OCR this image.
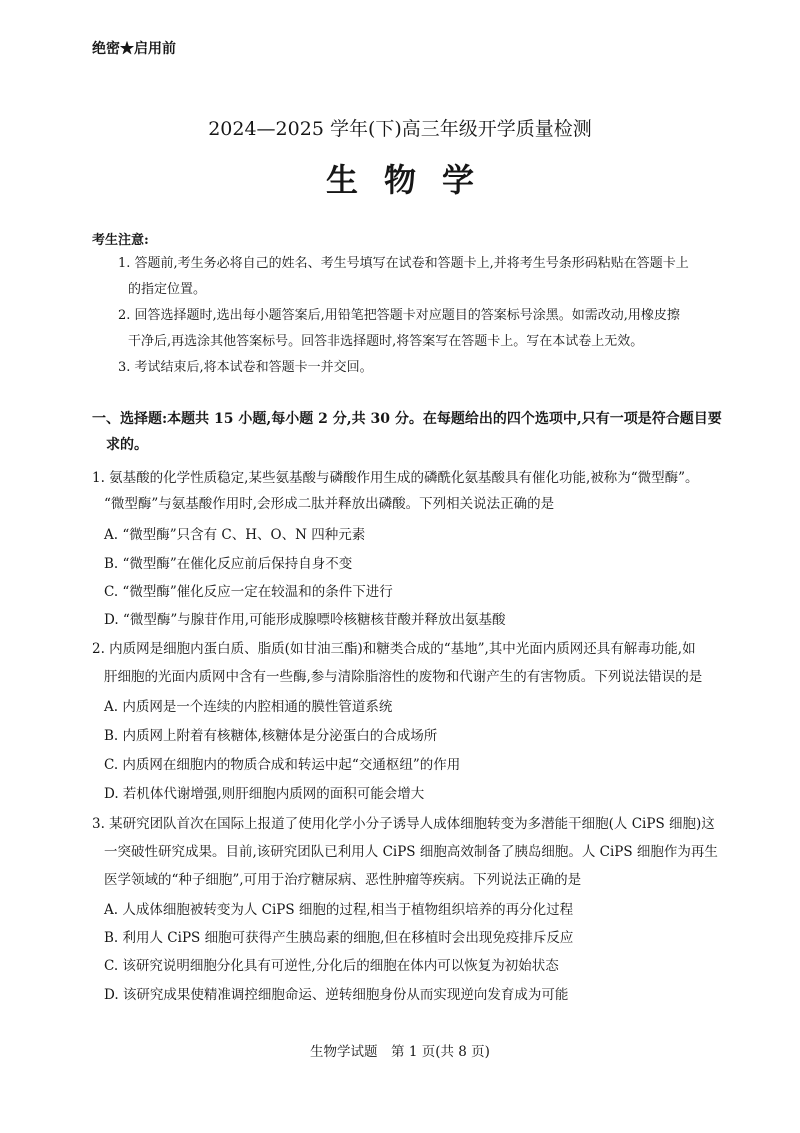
绝密★启用前
2024—2025 学年(下)高三年级开学质量检测
生物学
考生注意:
1. 答题前,考生务必将自己的姓名、考生号填写在试卷和答题卡上,并将考生号条形码粘贴在答题卡上
的指定位置。
2. 回答选择题时,选出每小题答案后,用铅笔把答题卡对应题目的答案标号涂黑。如需改动,用橡皮擦
干净后,再选涂其他答案标号。回答非选择题时,将答案写在答题卡上。写在本试卷上无效。
3. 考试结束后,将本试卷和答题卡一并交回。
一、选择题:本题共 15 小题,每小题 2 分,共 30 分。在每题给出的四个选项中,只有一项是符合题目要
求的。
1. 氨基酸的化学性质稳定,某些氨基酸与磷酸作用生成的磷酰化氨基酸具有催化功能,被称为“微型酶”。
“微型酶”与氨基酸作用时,会形成二肽并释放出磷酸。下列相关说法正确的是
A. “微型酶”只含有 C、H、O、N 四种元素
B. “微型酶”在催化反应前后保持自身不变
C. “微型酶”催化反应一定在较温和的条件下进行
D. “微型酶”与腺苷作用,可能形成腺嘌呤核糖核苷酸并释放出氨基酸
2. 内质网是细胞内蛋白质、脂质(如甘油三酯)和糖类合成的“基地”,其中光面内质网还具有解毒功能,如
肝细胞的光面内质网中含有一些酶,参与清除脂溶性的废物和代谢产生的有害物质。下列说法错误的是
A. 内质网是一个连续的内腔相通的膜性管道系统
B. 内质网上附着有核糖体,核糖体是分泌蛋白的合成场所
C. 内质网在细胞内的物质合成和转运中起“交通枢纽”的作用
D. 若机体代谢增强,则肝细胞内质网的面积可能会增大
3. 某研究团队首次在国际上报道了使用化学小分子诱导人成体细胞转变为多潜能干细胞(人 CiPS 细胞)这
一突破性研究成果。目前,该研究团队已利用人 CiPS 细胞高效制备了胰岛细胞。人 CiPS 细胞作为再生
医学领域的“种子细胞”,可用于治疗糖尿病、恶性肿瘤等疾病。下列说法正确的是
A. 人成体细胞被转变为人 CiPS 细胞的过程,相当于植物组织培养的再分化过程
B. 利用人 CiPS 细胞可获得产生胰岛素的细胞,但在移植时会出现免疫排斥反应
C. 该研究说明细胞分化具有可逆性,分化后的细胞在体内可以恢复为初始状态
D. 该研究成果使精准调控细胞命运、逆转细胞身份从而实现逆向发育成为可能
生物学试题　第 1 页(共 8 页)
